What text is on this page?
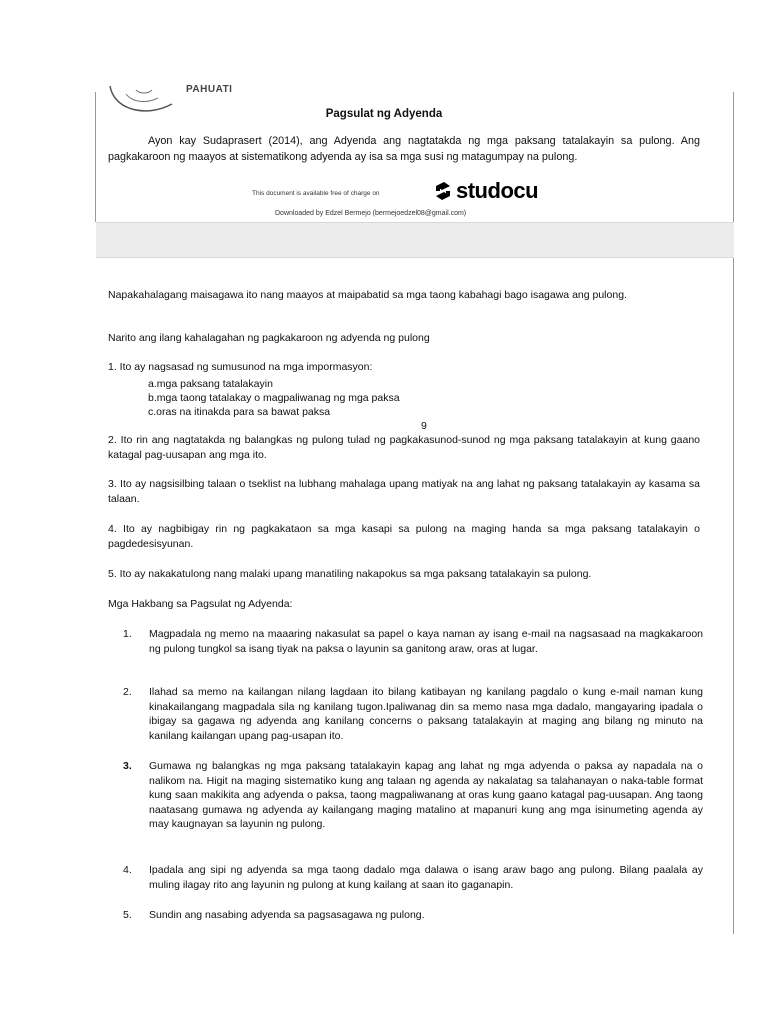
PAHUATI
Pagsulat ng Adyenda

Ayon kay Sudaprasert (2014), ang Adyenda ang nagtatakda ng mga paksang tatalakayin sa pulong. Ang pagkakaroon ng maayos at sistematikong adyenda ay isa sa mga susi ng matagumpay na pulong.

This document is available free of charge on	studocu
Downloaded by Edzel Bermejo (bermejoedzel08@gmail.com)
Napakahalagang maisagawa ito nang maayos at maipabatid sa mga taong kabahagi bago isagawa ang pulong.
Narito ang ilang kahalagahan ng pagkakaroon ng adyenda ng pulong
1. Ito ay nagsasad ng sumusunod na mga impormasyon:
a.mga paksang tatalakayin
b.mga taong tatalakay o magpaliwanag ng mga paksa
c.oras na itinakda para sa bawat paksa
9
2. Ito rin ang nagtatakda ng balangkas ng pulong tulad ng pagkakasunod-sunod ng mga paksang tatalakayin at kung gaano katagal pag-uusapan ang mga ito.
3. Ito ay nagsisilbing talaan o tseklist na lubhang mahalaga upang matiyak na ang lahat ng paksang tatalakayin ay kasama sa talaan.
4. Ito ay nagbibigay rin ng pagkakataon sa mga kasapi sa pulong na maging handa sa mga paksang tatalakayin o pagdedesisyunan.
5. Ito ay nakakatulong nang malaki upang manatiling nakapokus sa mga paksang tatalakayin sa pulong.
Mga Hakbang sa Pagsulat ng Adyenda:
1.	Magpadala ng memo na maaaring nakasulat sa papel o kaya naman ay isang e-mail na nagsasaad na magkakaroon ng pulong tungkol sa isang tiyak na paksa o layunin sa ganitong araw, oras at lugar.
2.	Ilahad sa memo na kailangan nilang lagdaan ito bilang katibayan ng kanilang pagdalo o kung e-mail naman kung kinakailangang magpadala sila ng kanilang tugon.Ipaliwanag din sa memo nasa mga dadalo, mangayaring ipadala o ibigay sa gagawa ng adyenda ang kanilang concerns o paksang tatalakayin at maging ang bilang ng minuto na kanilang kailangan upang pag-usapan ito.
3.	Gumawa ng balangkas ng mga paksang tatalakayin kapag ang lahat ng mga adyenda o paksa ay napadala na o nalikom na. Higit na maging sistematiko kung ang talaan ng agenda ay nakalatag sa talahanayan o naka-table format kung saan makikita ang adyenda o paksa, taong magpaliwanang at oras kung gaano katagal pag-uusapan. Ang taong naatasang gumawa ng adyenda ay kailangang maging matalino at mapanuri kung ang mga isinumeting agenda ay may kaugnayan sa layunin ng pulong.
4.	Ipadala ang sipi ng adyenda sa mga taong dadalo mga dalawa o isang araw bago ang pulong. Bilang paalala ay muling ilagay rito ang layunin ng pulong at kung kailang at saan ito gaganapin.
5.	Sundin ang nasabing adyenda sa pagsasagawa ng pulong.
